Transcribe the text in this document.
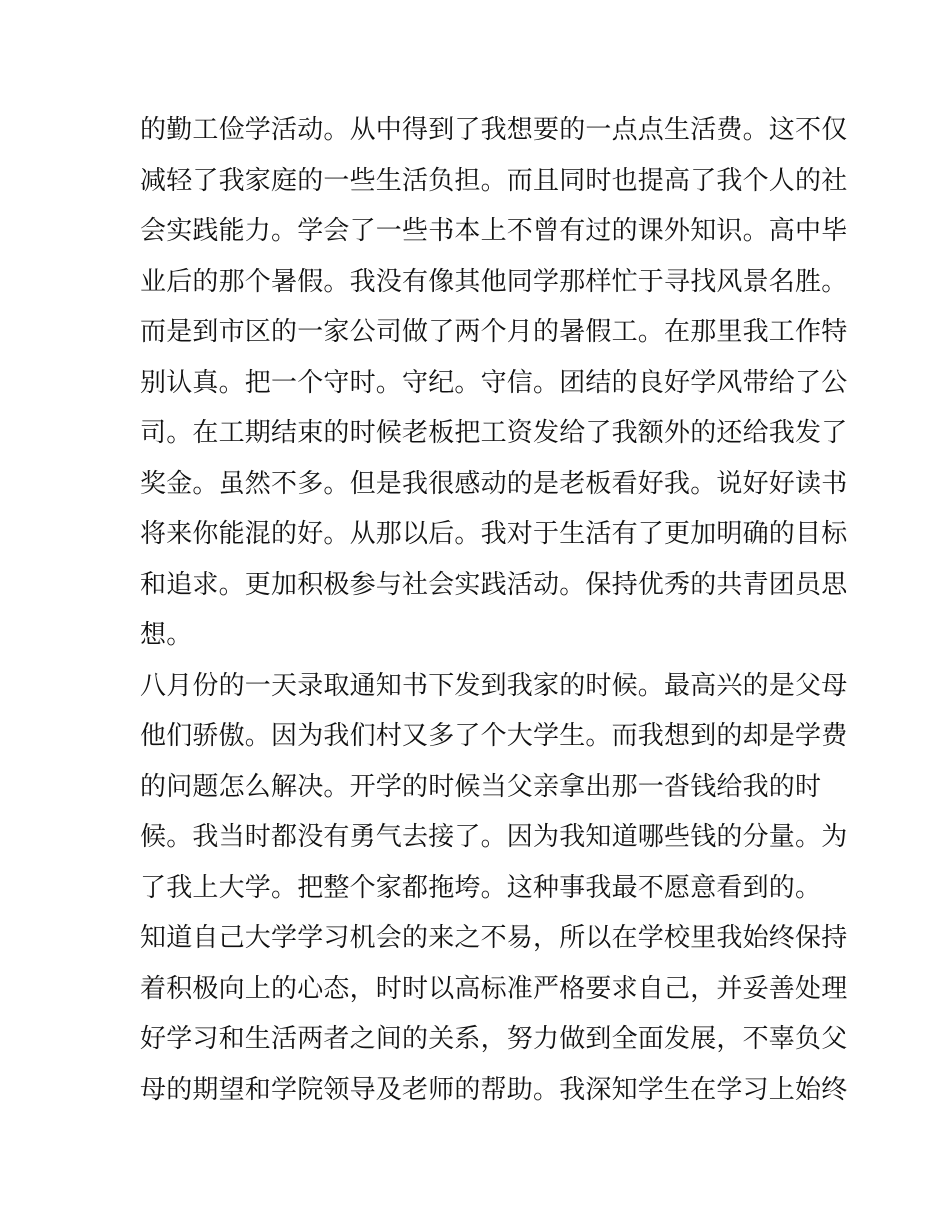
的勤工俭学活动。从中得到了我想要的一点点生活费。这不仅
减轻了我家庭的一些生活负担。而且同时也提高了我个人的社
会实践能力。学会了一些书本上不曾有过的课外知识。高中毕
业后的那个暑假。我没有像其他同学那样忙于寻找风景名胜。
而是到市区的一家公司做了两个月的暑假工。在那里我工作特
别认真。把一个守时。守纪。守信。团结的良好学风带给了公
司。在工期结束的时候老板把工资发给了我额外的还给我发了
奖金。虽然不多。但是我很感动的是老板看好我。说好好读书
将来你能混的好。从那以后。我对于生活有了更加明确的目标
和追求。更加积极参与社会实践活动。保持优秀的共青团员思
想。
八月份的一天录取通知书下发到我家的时候。最高兴的是父母
他们骄傲。因为我们村又多了个大学生。而我想到的却是学费
的问题怎么解决。开学的时候当父亲拿出那一沓钱给我的时
候。我当时都没有勇气去接了。因为我知道哪些钱的分量。为
了我上大学。把整个家都拖垮。这种事我最不愿意看到的。
知道自己大学学习机会的来之不易，所以在学校里我始终保持
着积极向上的心态，时时以高标准严格要求自己，并妥善处理
好学习和生活两者之间的关系，努力做到全面发展，不辜负父
母的期望和学院领导及老师的帮助。我深知学生在学习上始终
